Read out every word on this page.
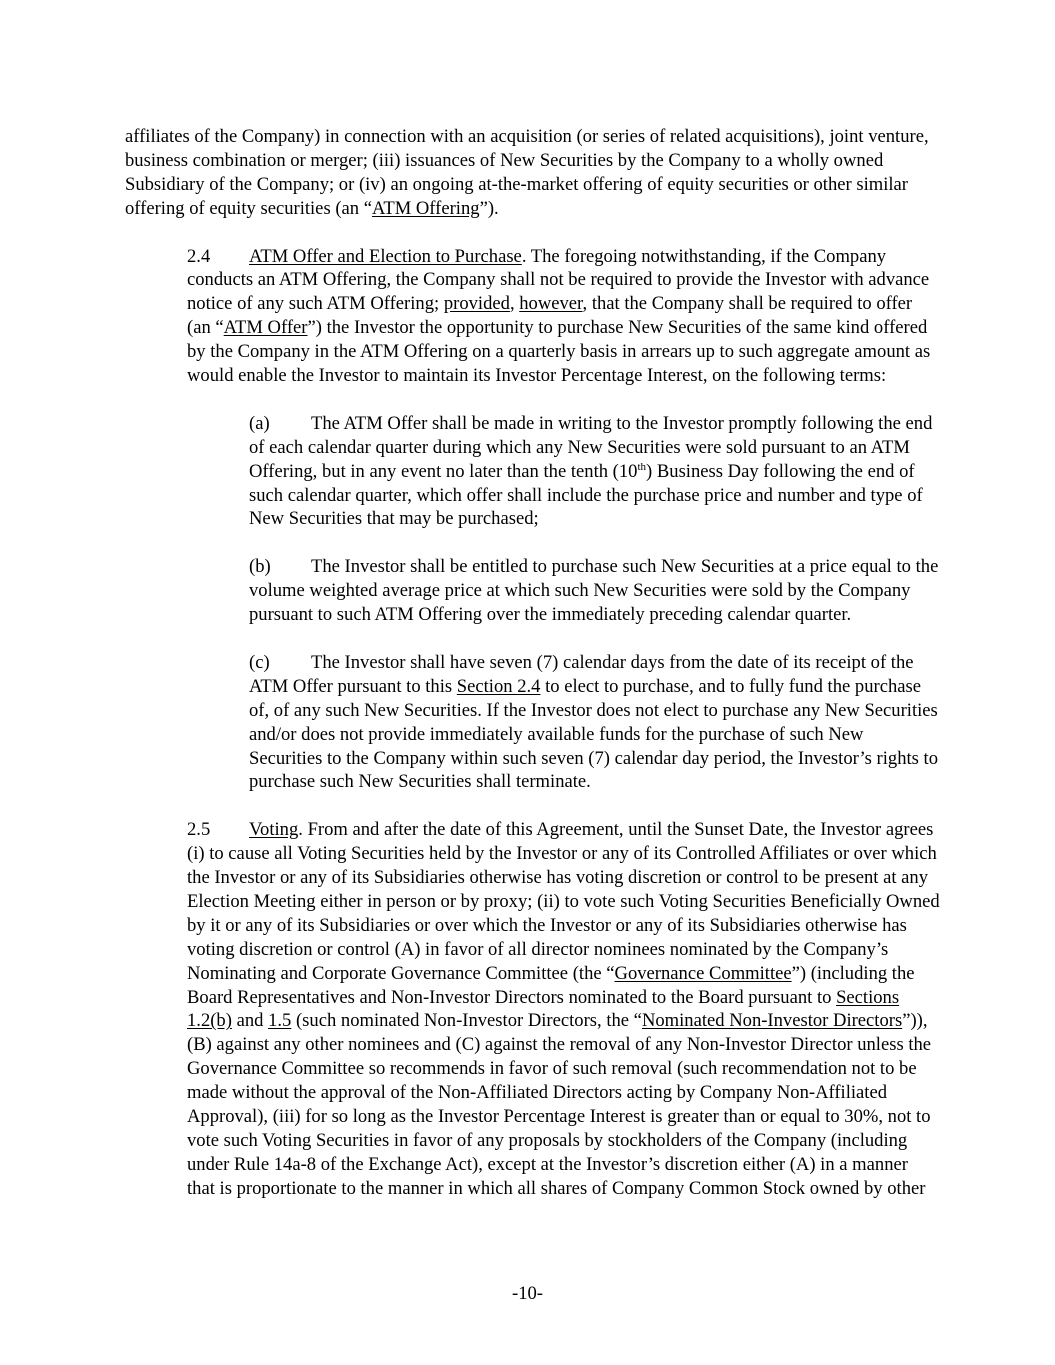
affiliates of the Company) in connection with an acquisition (or series of related acquisitions), joint venture, business combination or merger; (iii) issuances of New Securities by the Company to a wholly owned Subsidiary of the Company; or (iv) an ongoing at-the-market offering of equity securities or other similar offering of equity securities (an “ATM Offering”).

2.4 ATM Offer and Election to Purchase. The foregoing notwithstanding, if the Company conducts an ATM Offering, the Company shall not be required to provide the Investor with advance notice of any such ATM Offering; provided, however, that the Company shall be required to offer (an “ATM Offer”) the Investor the opportunity to purchase New Securities of the same kind offered by the Company in the ATM Offering on a quarterly basis in arrears up to such aggregate amount as would enable the Investor to maintain its Investor Percentage Interest, on the following terms:

(a) The ATM Offer shall be made in writing to the Investor promptly following the end of each calendar quarter during which any New Securities were sold pursuant to an ATM Offering, but in any event no later than the tenth (10th) Business Day following the end of such calendar quarter, which offer shall include the purchase price and number and type of New Securities that may be purchased;

(b) The Investor shall be entitled to purchase such New Securities at a price equal to the volume weighted average price at which such New Securities were sold by the Company pursuant to such ATM Offering over the immediately preceding calendar quarter.

(c) The Investor shall have seven (7) calendar days from the date of its receipt of the ATM Offer pursuant to this Section 2.4 to elect to purchase, and to fully fund the purchase of, of any such New Securities. If the Investor does not elect to purchase any New Securities and/or does not provide immediately available funds for the purchase of such New Securities to the Company within such seven (7) calendar day period, the Investor’s rights to purchase such New Securities shall terminate.

2.5 Voting. From and after the date of this Agreement, until the Sunset Date, the Investor agrees (i) to cause all Voting Securities held by the Investor or any of its Controlled Affiliates or over which the Investor or any of its Subsidiaries otherwise has voting discretion or control to be present at any Election Meeting either in person or by proxy; (ii) to vote such Voting Securities Beneficially Owned by it or any of its Subsidiaries or over which the Investor or any of its Subsidiaries otherwise has voting discretion or control (A) in favor of all director nominees nominated by the Company’s Nominating and Corporate Governance Committee (the “Governance Committee”) (including the Board Representatives and Non-Investor Directors nominated to the Board pursuant to Sections 1.2(b) and 1.5 (such nominated Non-Investor Directors, the “Nominated Non-Investor Directors”)), (B) against any other nominees and (C) against the removal of any Non-Investor Director unless the Governance Committee so recommends in favor of such removal (such recommendation not to be made without the approval of the Non-Affiliated Directors acting by Company Non-Affiliated Approval), (iii) for so long as the Investor Percentage Interest is greater than or equal to 30%, not to vote such Voting Securities in favor of any proposals by stockholders of the Company (including under Rule 14a-8 of the Exchange Act), except at the Investor’s discretion either (A) in a manner that is proportionate to the manner in which all shares of Company Common Stock owned by other

-10-
